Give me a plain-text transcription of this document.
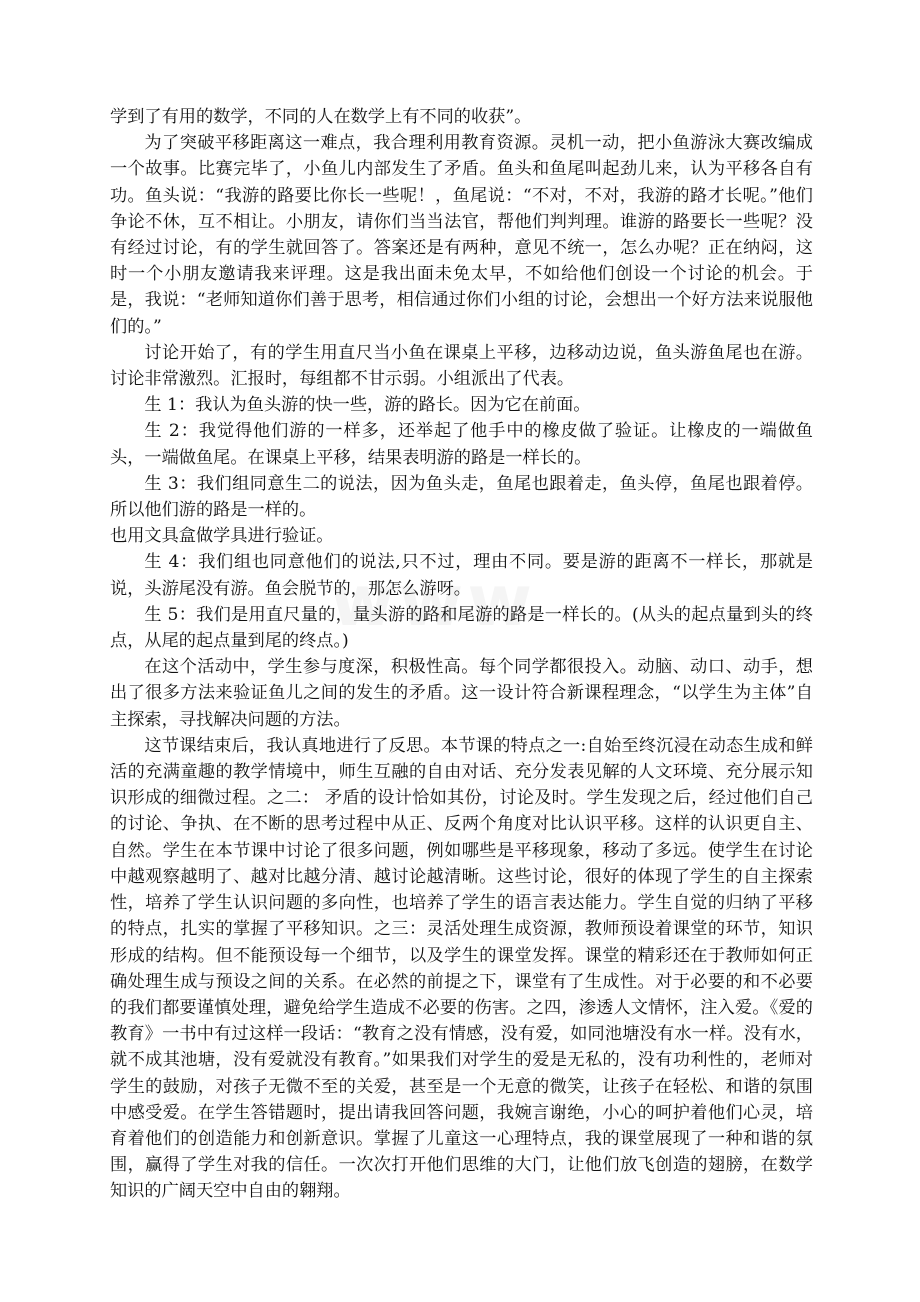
学到了有用的数学，不同的人在数学上有不同的收获”。

为了突破平移距离这一难点，我合理利用教育资源。灵机一动，把小鱼游泳大赛改编成一个故事。比赛完毕了，小鱼儿内部发生了矛盾。鱼头和鱼尾叫起劲儿来，认为平移各自有功。鱼头说：“我游的路要比你长一些呢！，鱼尾说：“不对，不对，我游的路才长呢。”他们争论不休，互不相让。小朋友，请你们当当法官，帮他们判判理。谁游的路要长一些呢？没有经过讨论，有的学生就回答了。答案还是有两种，意见不统一，怎么办呢？正在纳闷，这时一个小朋友邀请我来评理。这是我出面未免太早，不如给他们创设一个讨论的机会。于是，我说：“老师知道你们善于思考，相信通过你们小组的讨论，会想出一个好方法来说服他们的。”

讨论开始了，有的学生用直尺当小鱼在课桌上平移，边移动边说，鱼头游鱼尾也在游。讨论非常激烈。汇报时，每组都不甘示弱。小组派出了代表。

生 1：我认为鱼头游的快一些，游的路长。因为它在前面。

生 2：我觉得他们游的一样多，还举起了他手中的橡皮做了验证。让橡皮的一端做鱼头，一端做鱼尾。在课桌上平移，结果表明游的路是一样长的。

生 3：我们组同意生二的说法，因为鱼头走，鱼尾也跟着走，鱼头停，鱼尾也跟着停。所以他们游的路是一样的。

也用文具盒做学具进行验证。

生 4：我们组也同意他们的说法,只不过，理由不同。要是游的距离不一样长，那就是说，头游尾没有游。鱼会脱节的，那怎么游呀。

生 5：我们是用直尺量的，量头游的路和尾游的路是一样长的。(从头的起点量到头的终点，从尾的起点量到尾的终点。)

在这个活动中，学生参与度深，积极性高。每个同学都很投入。动脑、动口、动手，想出了很多方法来验证鱼儿之间的发生的矛盾。这一设计符合新课程理念，“以学生为主体”自主探索，寻找解决问题的方法。

这节课结束后，我认真地进行了反思。本节课的特点之一:自始至终沉浸在动态生成和鲜活的充满童趣的教学情境中，师生互融的自由对话、充分发表见解的人文环境、充分展示知识形成的细微过程。之二： 矛盾的设计恰如其份，讨论及时。学生发现之后，经过他们自己的讨论、争执、在不断的思考过程中从正、反两个角度对比认识平移。这样的认识更自主、自然。学生在本节课中讨论了很多问题，例如哪些是平移现象，移动了多远。使学生在讨论中越观察越明了、越对比越分清、越讨论越清晰。这些讨论，很好的体现了学生的自主探索性，培养了学生认识问题的多向性，也培养了学生的语言表达能力。学生自觉的归纳了平移的特点，扎实的掌握了平移知识。之三：灵活处理生成资源，教师预设着课堂的环节，知识形成的结构。但不能预设每一个细节，以及学生的课堂发挥。课堂的精彩还在于教师如何正确处理生成与预设之间的关系。在必然的前提之下，课堂有了生成性。对于必要的和不必要的我们都要谨慎处理，避免给学生造成不必要的伤害。之四，渗透人文情怀，注入爱。《爱的教育》一书中有过这样一段话：“教育之没有情感，没有爱，如同池塘没有水一样。没有水，就不成其池塘，没有爱就没有教育。”如果我们对学生的爱是无私的，没有功利性的，老师对学生的鼓励，对孩子无微不至的关爱，甚至是一个无意的微笑，让孩子在轻松、和谐的氛围中感受爱。在学生答错题时，提出请我回答问题，我婉言谢绝，小心的呵护着他们心灵，培育着他们的创造能力和创新意识。掌握了儿童这一心理特点，我的课堂展现了一种和谐的氛围，赢得了学生对我的信任。一次次打开他们思维的大门，让他们放飞创造的翅膀，在数学知识的广阔天空中自由的翱翔。
